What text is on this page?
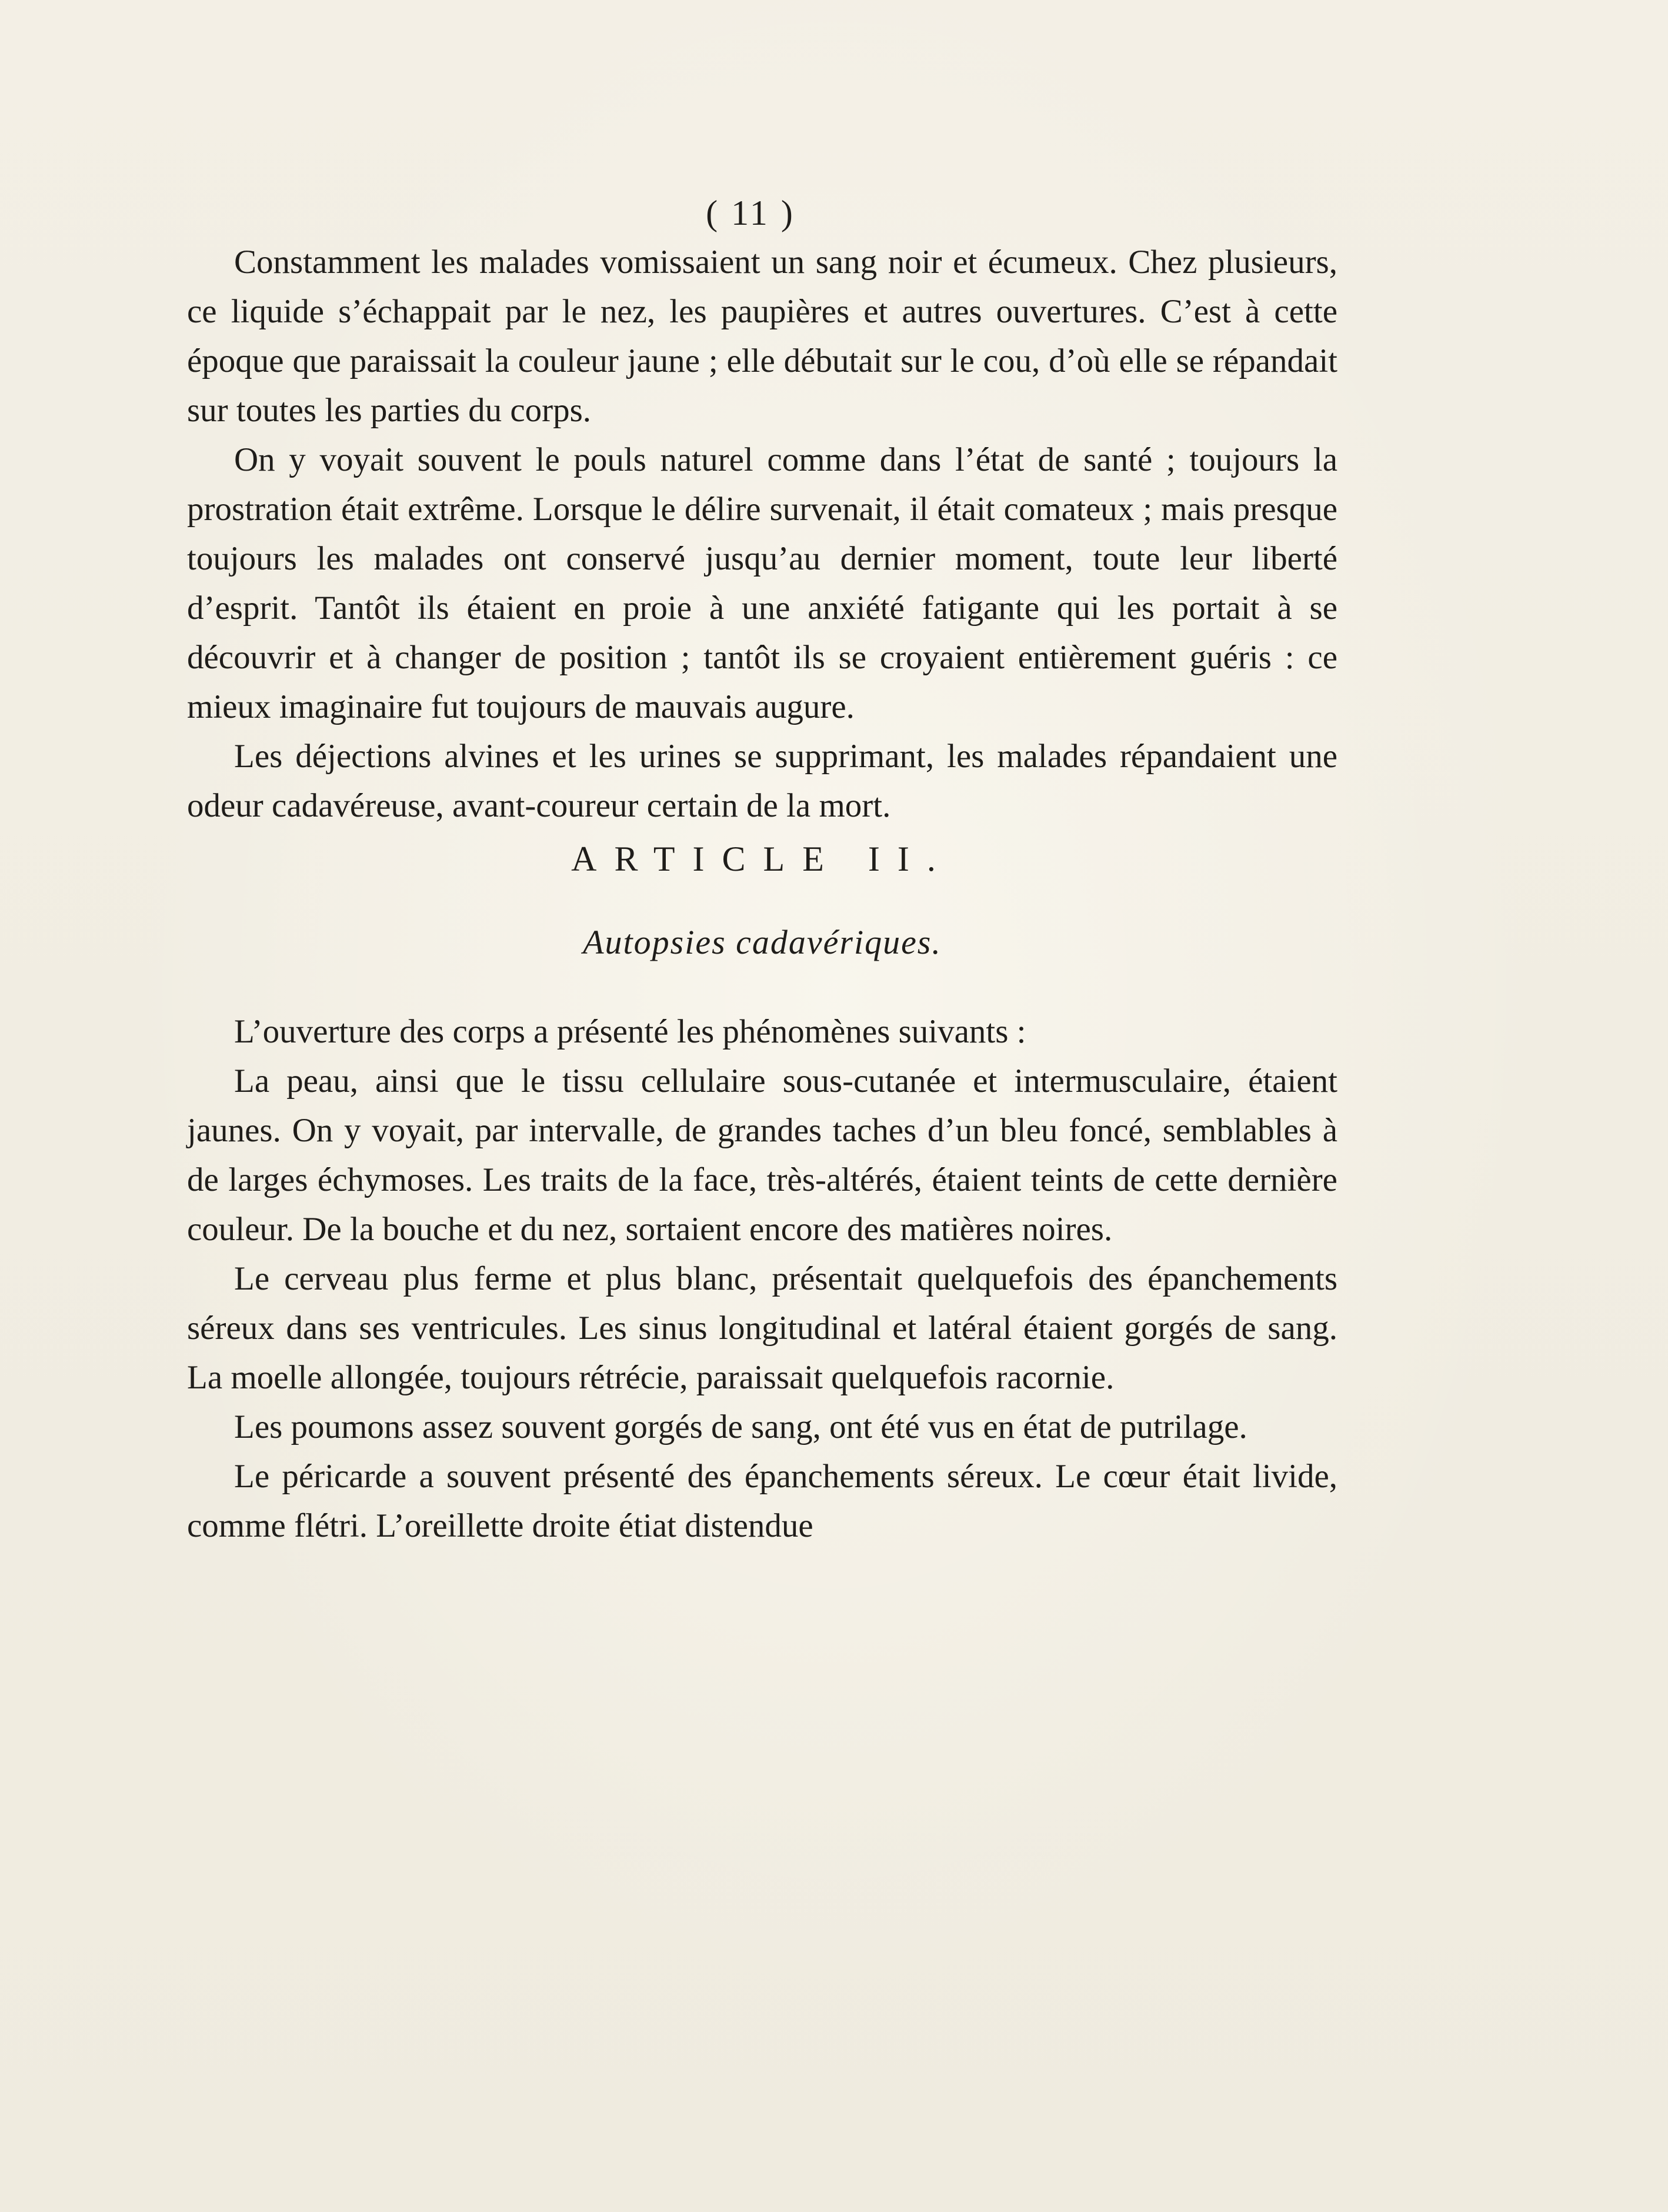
( 11 )

Constamment les malades vomissaient un sang noir et écumeux. Chez plusieurs, ce liquide s’échappait par le nez, les paupières et autres ouvertures. C’est à cette époque que paraissait la couleur jaune ; elle débutait sur le cou, d’où elle se répandait sur toutes les parties du corps.

On y voyait souvent le pouls naturel comme dans l’état de santé ; toujours la prostration était extrême. Lorsque le délire survenait, il était comateux ; mais presque toujours les malades ont conservé jusqu’au dernier moment, toute leur liberté d’esprit. Tantôt ils étaient en proie à une anxiété fatigante qui les portait à se découvrir et à changer de position ; tantôt ils se croyaient entièrement guéris : ce mieux imaginaire fut toujours de mauvais augure.

Les déjections alvines et les urines se supprimant, les malades répandaient une odeur cadavéreuse, avant-coureur certain de la mort.

ARTICLE II.
Autopsies cadavériques.

L’ouverture des corps a présenté les phénomènes suivants :

La peau, ainsi que le tissu cellulaire sous-cutanée et intermusculaire, étaient jaunes. On y voyait, par intervalle, de grandes taches d’un bleu foncé, semblables à de larges échymoses. Les traits de la face, très-altérés, étaient teints de cette dernière couleur. De la bouche et du nez, sortaient encore des matières noires.

Le cerveau plus ferme et plus blanc, présentait quelquefois des épanchements séreux dans ses ventricules. Les sinus longitudinal et latéral étaient gorgés de sang. La moelle allongée, toujours rétrécie, paraissait quelquefois racornie.

Les poumons assez souvent gorgés de sang, ont été vus en état de putrilage.

Le péricarde a souvent présenté des épanchements séreux. Le cœur était livide, comme flétri. L’oreillette droite étiat distendue
